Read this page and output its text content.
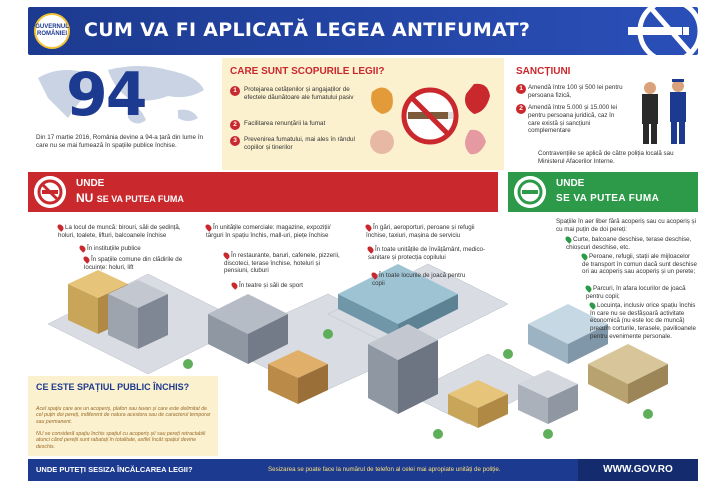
GUVERNUL ROMÂNIEI CUM VA FI APLICATĂ LEGEA ANTIFUMAT?
94
Din 17 martie 2016, România devine a 94-a țară din lume în care nu se mai fumează în spațiile publice închise.
CARE SUNT SCOPURILE LEGII?
1	Protejarea cetățenilor și angajaților de efectele dăunătoare ale fumatului pasiv
2	Facilitarea renunțării la fumat
3	Prevenirea fumatului, mai ales în rândul copiilor și tinerilor
SANCȚIUNI
1 Amendă între 100 și 500 lei pentru persoana fizică,
2 Amendă între 5.000 și 15.000 lei pentru persoana juridică, caz în care există și sancțiuni complementare
Contravențiile se aplică de către poliția locală sau Ministerul Afacerilor Interne.
UNDE
NU SE VA PUTEA FUMA
UNDE
SE VA PUTEA FUMA
La locul de muncă: birouri, săli de ședință, holuri, toalete, lifturi, balcoanele închise
În instituțiile publice
În spațiile comune din clădirile de locuințe: holuri, lift
În unitățile comerciale: magazine, expoziții/ târguri în spațiu închis, mall-uri, piețe închise
În restaurante, baruri, cafenele, pizzerii, discoteci, terase închise, hoteluri și pensiuni, cluburi
În teatre și săli de sport
În gări, aeroporturi, peroane și refugii închise, taxiuri, mașina de serviciu
În toate unitățile de învățământ, medico-sanitare și protecția copilului
În toate locurile de joacă pentru copii
Spațiile în aer liber fără acoperiș sau cu acoperiș și cu mai puțin de doi pereți:
Curte, balcoane deschise, terase deschise, chioșcuri deschise, etc.
Peroane, refugii, stații ale mijloacelor de transport în comun dacă sunt deschise ori au acoperiș sau acoperiș și un perete;
Parcuri, în afara locurilor de joacă pentru copii;
Locuința, inclusiv orice spațiu închis în care nu se desfășoară activitate economică (nu este loc de muncă) precum corturile, terasele, pavilioanele pentru evenimente personale.
CE ESTE SPAȚIUL PUBLIC ÎNCHIS?

Acel spațiu care are un acoperiș, plafon sau tavan și care este delimitat de cel puțin doi pereți, indiferent de natura acestora sau de caracterul temporar sau permanent.

NU se consideră spațiu închis spațiul cu acoperiș și/ sau pereți retractabili atunci când pereții sunt rabatați în totalitate, astfel încât spațiul devine deschis.

UNDE PUTEȚI SESIZA ÎNCĂLCAREA LEGII?	Sesizarea se poate face la numărul de telefon al celei mai apropiate unități de poliție.	WWW.GOV.RO
